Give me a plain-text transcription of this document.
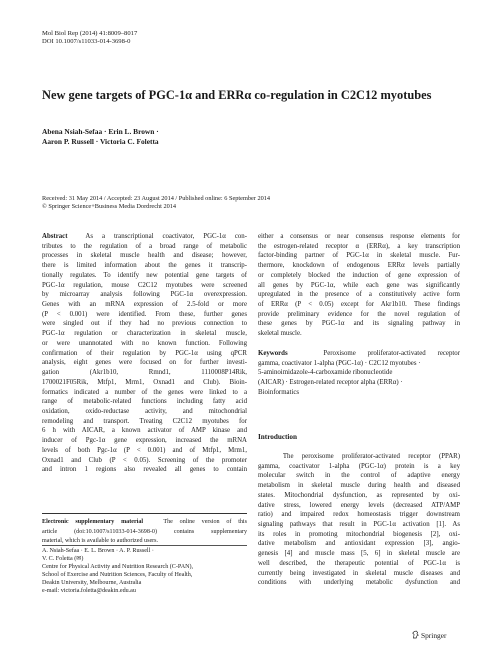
Mol Biol Rep (2014) 41:8009–8017
DOI 10.1007/s11033-014-3698-0
New gene targets of PGC-1α and ERRα co-regulation in C2C12 myotubes
Abena Nsiah-Sefaa · Erin L. Brown ·
Aaron P. Russell · Victoria C. Foletta
Received: 31 May 2014 / Accepted: 23 August 2014 / Published online: 6 September 2014
© Springer Science+Business Media Dordrecht 2014
Abstract	As a transcriptional coactivator, PGC-1α con-
tributes to the regulation of a broad range of metabolic
processes in skeletal muscle health and disease; however,
there is limited information about the genes it transcrip-
tionally regulates. To identify new potential gene targets of
PGC-1α regulation, mouse C2C12 myotubes were screened
by microarray analysis following PGC-1α overexpression.
Genes with an mRNA expression of 2.5-fold or more
(P < 0.001) were identified. From these, further genes
were singled out if they had no previous connection to
PGC-1α regulation or characterization in skeletal muscle,
or were unannotated with no known function. Following
confirmation of their regulation by PGC-1α using qPCR
analysis, eight genes were focused on for further investi-
gation (Akr1b10, Rmnd1, 1110008P14Rik,
1700021F05Rik, Mtfp1, Mrm1, Oxnad1 and Club). Bioin-
formatics indicated a number of the genes were linked to a
range of metabolic-related functions including fatty acid
oxidation, oxido-reductase activity, and mitochondrial
remodeling and transport. Treating C2C12 myotubes for
6 h with AICAR, a known activator of AMP kinase and
inducer of Pgc-1α gene expression, increased the mRNA
levels of both Pgc-1α (P < 0.001) and of Mtfp1, Mrm1,
Oxnad1 and Club (P < 0.05). Screening of the promoter
and intron 1 regions also revealed all genes to contain
either a consensus or near consensus response elements for
the estrogen-related receptor α (ERRα), a key transcription
factor-binding partner of PGC-1α in skeletal muscle. Fur-
thermore, knockdown of endogenous ERRα levels partially
or completely blocked the induction of gene expression of
all genes by PGC-1α, while each gene was significantly
upregulated in the presence of a constitutively active form
of ERRα (P < 0.05) except for Akr1b10. These findings
provide preliminary evidence for the novel regulation of
these genes by PGC-1α and its signaling pathway in
skeletal muscle.
Keywords	Peroxisome proliferator-activated receptor
gamma, coactivator 1-alpha (PGC-1α) · C2C12 myotubes ·
5-aminoimidazole-4-carboxamide ribonucleotide
(AICAR) · Estrogen-related receptor alpha (ERRα) ·
Bioinformatics
Introduction
The peroxisome proliferator-activated receptor (PPAR)
gamma, coactivator 1-alpha (PGC-1α) protein is a key
molecular switch in the control of adaptive energy
metabolism in skeletal muscle during health and diseased
states. Mitochondrial dysfunction, as represented by oxi-
dative stress, lowered energy levels (decreased ATP/AMP
ratio) and impaired redox homeostasis trigger downstream
signaling pathways that result in PGC-1α activation [1]. As
its roles in promoting mitochondrial biogenesis [2], oxi-
dative metabolism and antioxidant expression [3], angio-
genesis [4] and muscle mass [5, 6] in skeletal muscle are
well described, the therapeutic potential of PGC-1α is
currently being investigated in skeletal muscle diseases and
conditions with underlying metabolic dysfunction and
Electronic supplementary material	The online version of this
article (doi:10.1007/s11033-014-3698-0) contains supplementary
material, which is available to authorized users.
A. Nsiah-Sefaa · E. L. Brown · A. P. Russell ·
V. C. Foletta (✉)
Centre for Physical Activity and Nutrition Research (C-PAN),
School of Exercise and Nutrition Sciences, Faculty of Health,
Deakin University, Melbourne, Australia
e-mail: victoria.foletta@deakin.edu.au
Springer
